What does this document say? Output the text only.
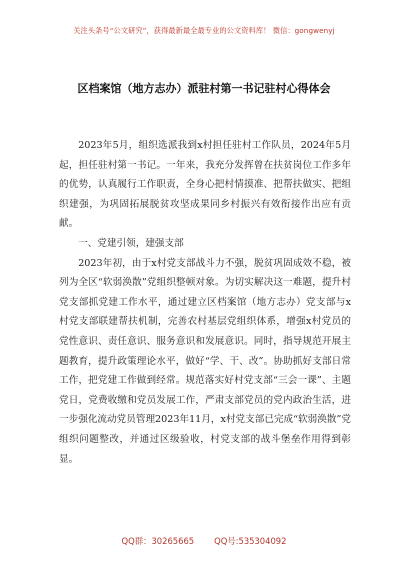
关注头条号“公文研究”，获得最新最全最专业的公文资料库！ 微信：gongwenyj
区档案馆（地方志办）派驻村第一书记驻村心得体会

2023年5月，组织选派我到x村担任驻村工作队员，2024年5月起，担任驻村第一书记。一年来，我充分发挥曾在扶贫岗位工作多年的优势，认真履行工作职责，全身心把村情摸准、把帮扶做实、把组织建强，为巩固拓展脱贫攻坚成果同乡村振兴有效衔接作出应有贡献。

一、党建引领，建强支部

2023年初，由于x村党支部战斗力不强，脱贫巩固成效不稳，被列为全区“软弱涣散”党组织整顿对象。为切实解决这一难题，提升村党支部抓党建工作水平，通过建立区档案馆（地方志办）党支部与x村党支部联建帮扶机制，完善农村基层党组织体系，增强x村党员的党性意识、责任意识、服务意识和发展意识。同时，指导规范开展主题教育，提升政策理论水平，做好“学、干、改”。协助抓好支部日常工作，把党建工作做到经常。规范落实好村党支部“三会一课”、主题党日，党费收缴和党员发展工作，严肃支部党员的党内政治生活，进一步强化流动党员管理2023年11月，x村党支部已完成“软弱涣散”党组织问题整改，并通过区级验收，村党支部的战斗堡垒作用得到彰显。

QQ群：30265665 QQ号:535304092
